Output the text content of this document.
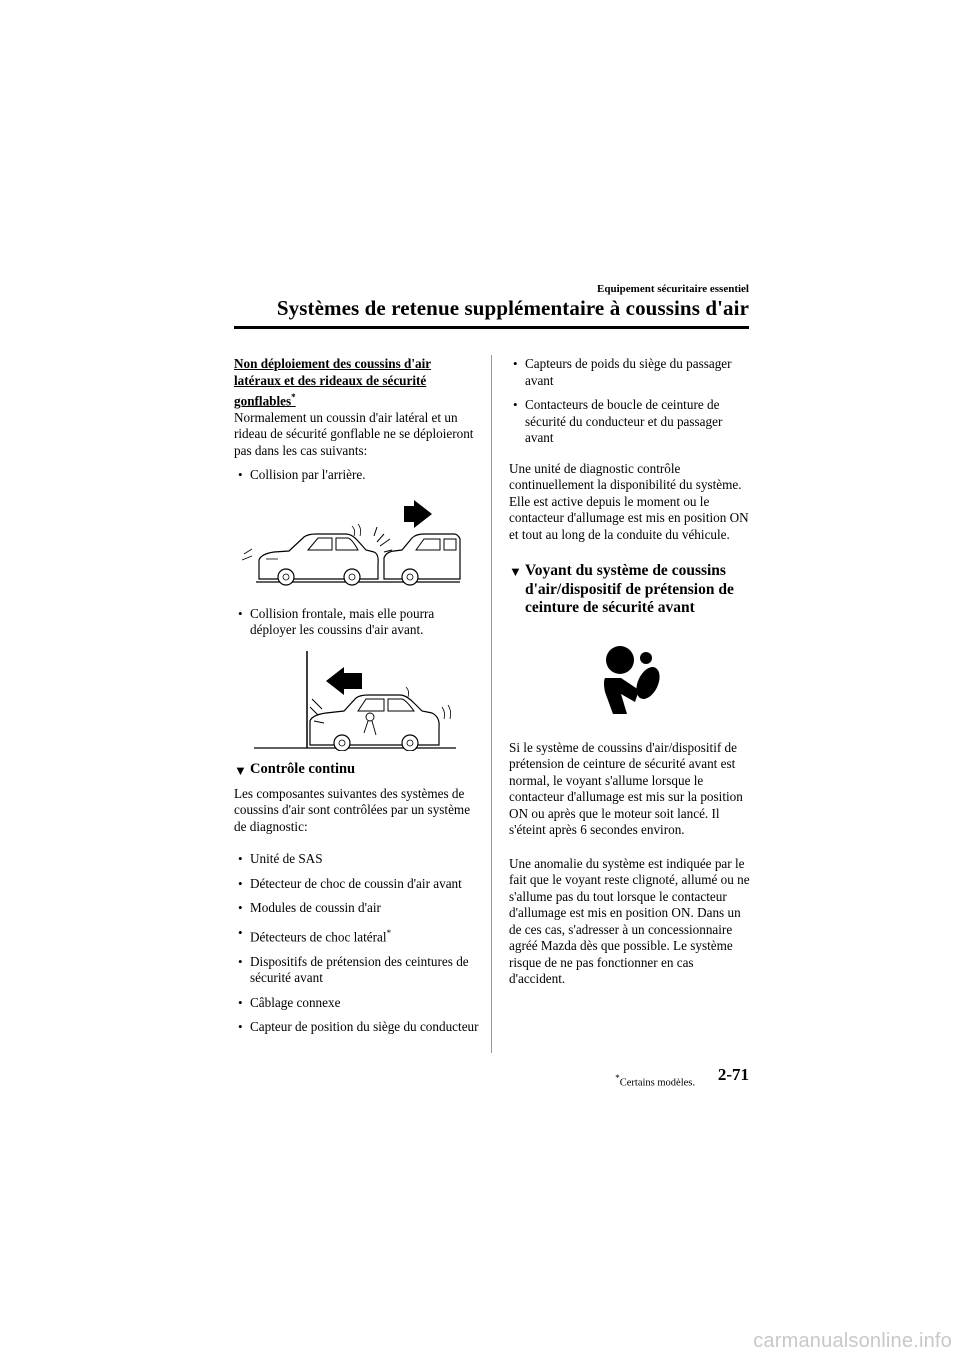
Equipement sécuritaire essentiel
Systèmes de retenue supplémentaire à coussins d'air

Non déploiement des coussins d'air latéraux et des rideaux de sécurité gonflables*

Normalement un coussin d'air latéral et un rideau de sécurité gonflable ne se déploieront pas dans les cas suivants:

• Collision par l'arrière.
• Collision frontale, mais elle pourra déployer les coussins d'air avant.
▼ Contrôle continu

Les composantes suivantes des systèmes de coussins d'air sont contrôlées par un système de diagnostic:

• Unité de SAS
• Détecteur de choc de coussin d'air avant
• Modules de coussin d'air
• Détecteurs de choc latéral*
• Dispositifs de prétension des ceintures de sécurité avant
• Câblage connexe
• Capteur de position du siège du conducteur
• Capteurs de poids du siège du passager avant
• Contacteurs de boucle de ceinture de sécurité du conducteur et du passager avant

Une unité de diagnostic contrôle continuellement la disponibilité du système. Elle est active depuis le moment ou le contacteur d'allumage est mis en position ON et tout au long de la conduite du véhicule.

▼ Voyant du système de coussins d'air/dispositif de prétension de ceinture de sécurité avant

Si le système de coussins d'air/dispositif de prétension de ceinture de sécurité avant est normal, le voyant s'allume lorsque le contacteur d'allumage est mis sur la position ON ou après que le moteur soit lancé. Il s'éteint après 6 secondes environ.

Une anomalie du système est indiquée par le fait que le voyant reste clignoté, allumé ou ne s'allume pas du tout lorsque le contacteur d'allumage est mis en position ON. Dans un de ces cas, s'adresser à un concessionnaire agréé Mazda dès que possible. Le système risque de ne pas fonctionner en cas d'accident.

*Certains modèles. 2-71
carmanualsonline.info
